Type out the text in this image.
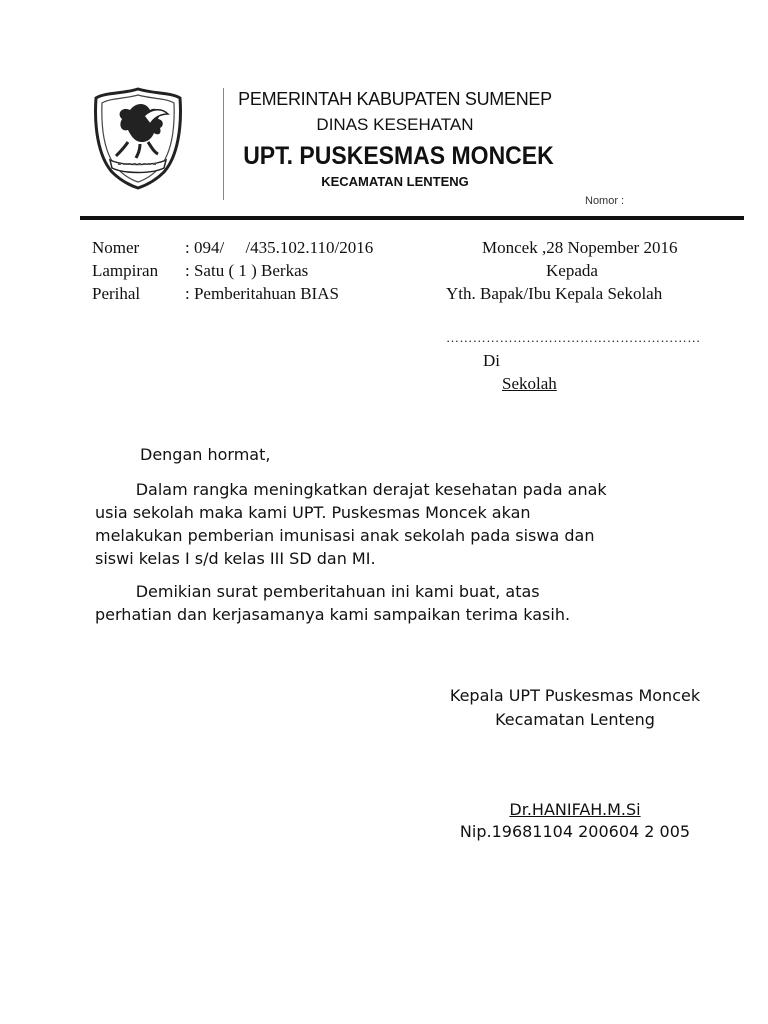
PEMERINTAH KABUPATEN SUMENEP
DINAS KESEHATAN
UPT. PUSKESMAS MONCEK
KECAMATAN LENTENG
Nomor :
Nomer	: 094/     /435.102.110/2016
Lampiran : Satu ( 1 ) Berkas
Perihal	: Pemberitahuan BIAS
Moncek ,28 Nopember 2016
Kepada
Yth. Bapak/Ibu Kepala Sekolah
…………………………………………………
Di
Sekolah
Dengan hormat,
Dalam rangka meningkatkan derajat kesehatan pada anak
usia sekolah maka kami UPT. Puskesmas Moncek akan
melakukan pemberian imunisasi anak sekolah pada siswa dan
siswi kelas I s/d kelas III SD dan MI.
Demikian surat pemberitahuan ini kami buat, atas
perhatian dan kerjasamanya kami sampaikan terima kasih.
Kepala UPT Puskesmas Moncek
Kecamatan Lenteng
Dr.HANIFAH.M.Si
Nip.19681104 200604 2 005
